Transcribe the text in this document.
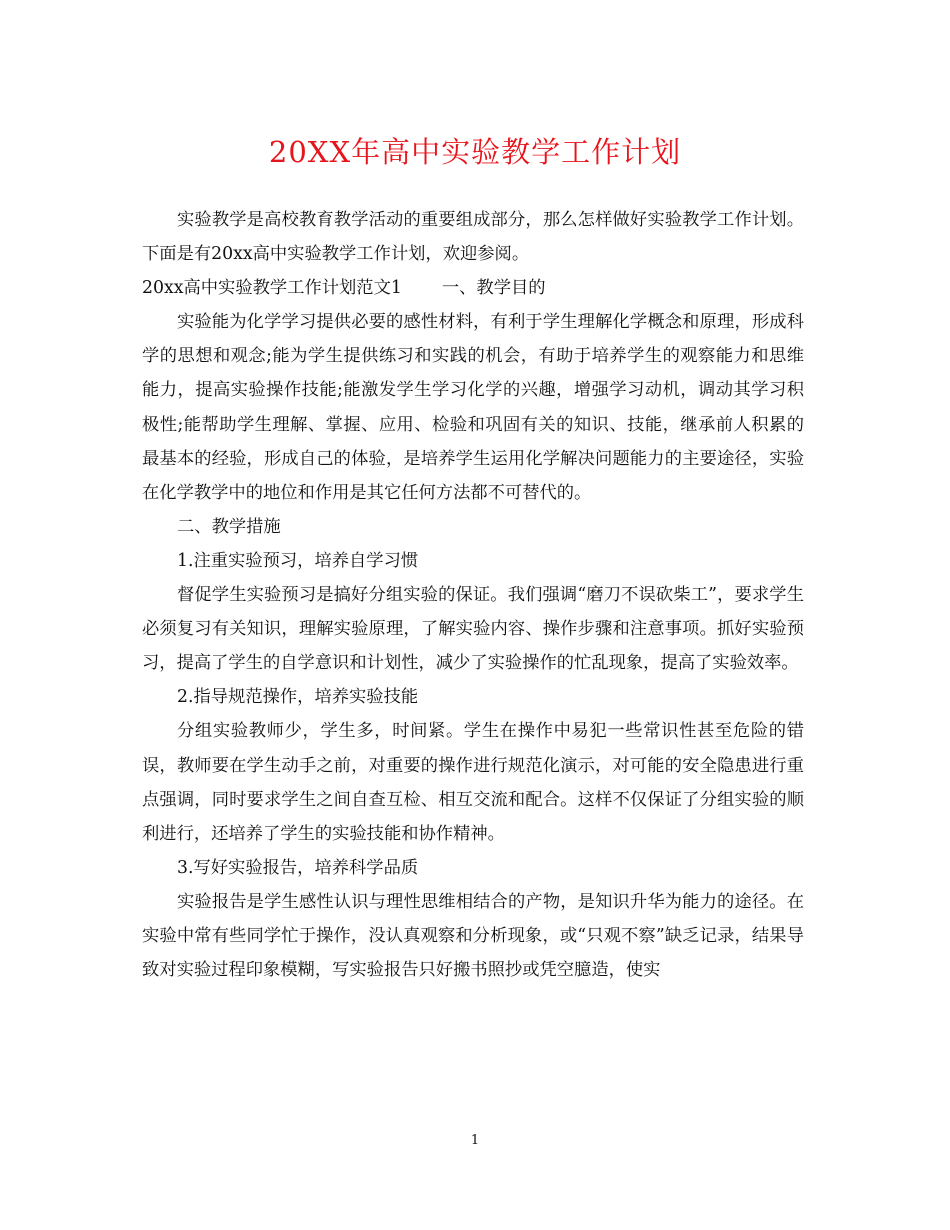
20XX年高中实验教学工作计划

实验教学是高校教育教学活动的重要组成部分，那么怎样做好实验教学工作计划。下面是有20xx高中实验教学工作计划，欢迎参阅。

20xx高中实验教学工作计划范文1 一、教学目的

实验能为化学学习提供必要的感性材料，有利于学生理解化学概念和原理，形成科学的思想和观念;能为学生提供练习和实践的机会，有助于培养学生的观察能力和思维能力，提高实验操作技能;能激发学生学习化学的兴趣，增强学习动机，调动其学习积极性;能帮助学生理解、掌握、应用、检验和巩固有关的知识、技能，继承前人积累的最基本的经验，形成自己的体验，是培养学生运用化学解决问题能力的主要途径，实验在化学教学中的地位和作用是其它任何方法都不可替代的。

二、教学措施

1.注重实验预习，培养自学习惯

督促学生实验预习是搞好分组实验的保证。我们强调“磨刀不误砍柴工”，要求学生必须复习有关知识，理解实验原理，了解实验内容、操作步骤和注意事项。抓好实验预习，提高了学生的自学意识和计划性，减少了实验操作的忙乱现象，提高了实验效率。

2.指导规范操作，培养实验技能

分组实验教师少，学生多，时间紧。学生在操作中易犯一些常识性甚至危险的错误，教师要在学生动手之前，对重要的操作进行规范化演示，对可能的安全隐患进行重点强调，同时要求学生之间自查互检、相互交流和配合。这样不仅保证了分组实验的顺利进行，还培养了学生的实验技能和协作精神。

3.写好实验报告，培养科学品质

实验报告是学生感性认识与理性思维相结合的产物，是知识升华为能力的途径。在实验中常有些同学忙于操作，没认真观察和分析现象，或“只观不察”缺乏记录，结果导致对实验过程印象模糊，写实验报告只好搬书照抄或凭空臆造，使实

1
